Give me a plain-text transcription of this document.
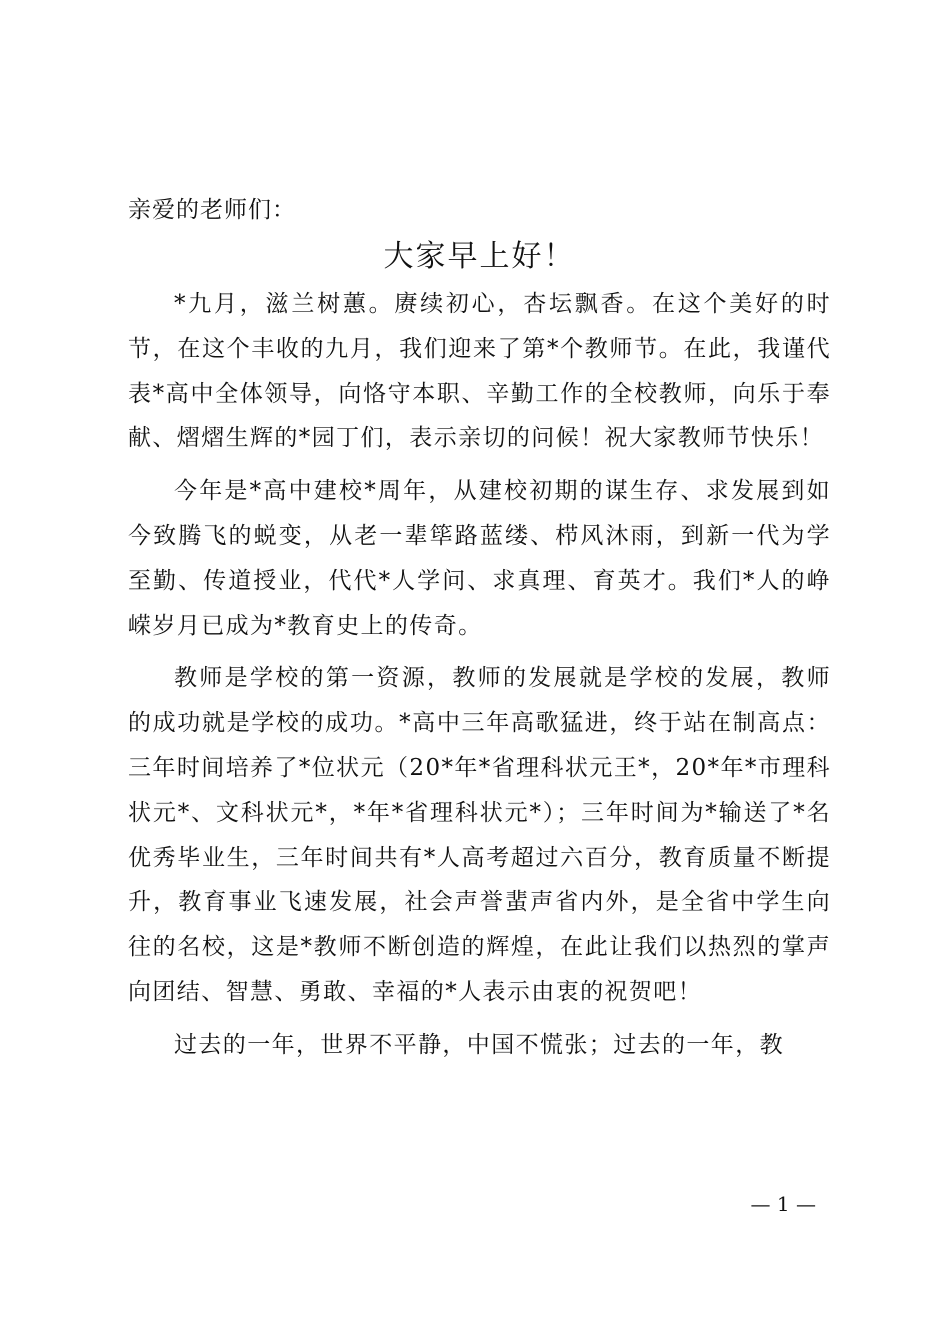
亲爱的老师们：

大家早上好！

*九月，滋兰树蕙。赓续初心，杏坛飘香。在这个美好的时节，在这个丰收的九月，我们迎来了第*个教师节。在此，我谨代表*高中全体领导，向恪守本职、辛勤工作的全校教师，向乐于奉献、熠熠生辉的*园丁们，表示亲切的问候！祝大家教师节快乐！

今年是*高中建校*周年，从建校初期的谋生存、求发展到如今致腾飞的蜕变，从老一辈筚路蓝缕、栉风沐雨，到新一代为学至勤、传道授业，代代*人学问、求真理、育英才。我们*人的峥嵘岁月已成为*教育史上的传奇。

教师是学校的第一资源，教师的发展就是学校的发展，教师的成功就是学校的成功。*高中三年高歌猛进，终于站在制高点：三年时间培养了*位状元（20*年*省理科状元王*，20*年*市理科状元*、文科状元*，*年*省理科状元*）；三年时间为*输送了*名优秀毕业生，三年时间共有*人高考超过六百分，教育质量不断提升，教育事业飞速发展，社会声誉蜚声省内外，是全省中学生向往的名校，这是*教师不断创造的辉煌，在此让我们以热烈的掌声向团结、智慧、勇敢、幸福的*人表示由衷的祝贺吧！

过去的一年，世界不平静，中国不慌张；过去的一年，教

— 1 —
